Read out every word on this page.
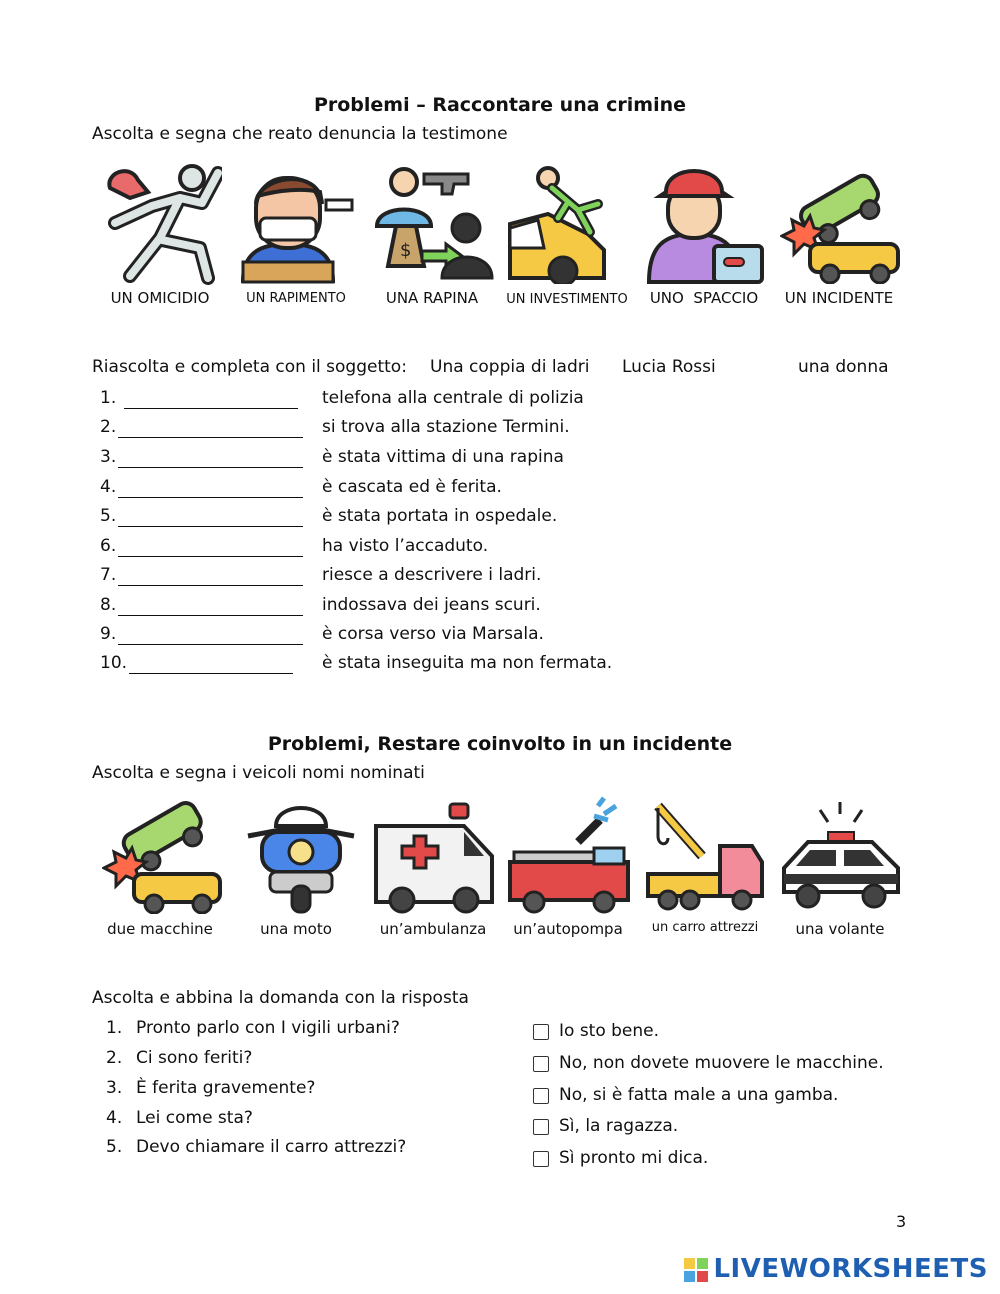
Problemi – Raccontare una crimine
Ascolta e segna che reato denuncia la testimone
$
UN OMICIDIO	UN RAPIMENTO	UNA RAPINA	UN INVESTIMENTO	UNO  SPACCIO	UN INCIDENTE
Riascolta e completa con il soggetto: Una coppia di ladri Lucia Rossi	una donna
1.	telefona alla centrale di polizia
2.	si trova alla stazione Termini.
3.	è stata vittima di una rapina
4.	è cascata ed è ferita.
5.	è stata portata in ospedale.
6.	ha visto l’accaduto.
7.	riesce a descrivere i ladri.
8.	indossava dei jeans scuri.
9.	è corsa verso via Marsala.
10.	è stata inseguita ma non fermata.
Problemi, Restare coinvolto in un incidente
Ascolta e segna i veicoli nomi nominati
due macchine	una moto	un’ambulanza	un’autopompa	un carro attrezzi	una volante
Ascolta e abbina la domanda con la risposta
1. Pronto parlo con I vigili urbani?
2. Ci sono feriti?
3. È ferita gravemente?
4. Lei come sta?
5. Devo chiamare il carro attrezzi?
Io sto bene.
No, non dovete muovere le macchine.
No, si è fatta male a una gamba.
Sì, la ragazza.
Sì pronto mi dica.
3
LIVEWORKSHEETS
